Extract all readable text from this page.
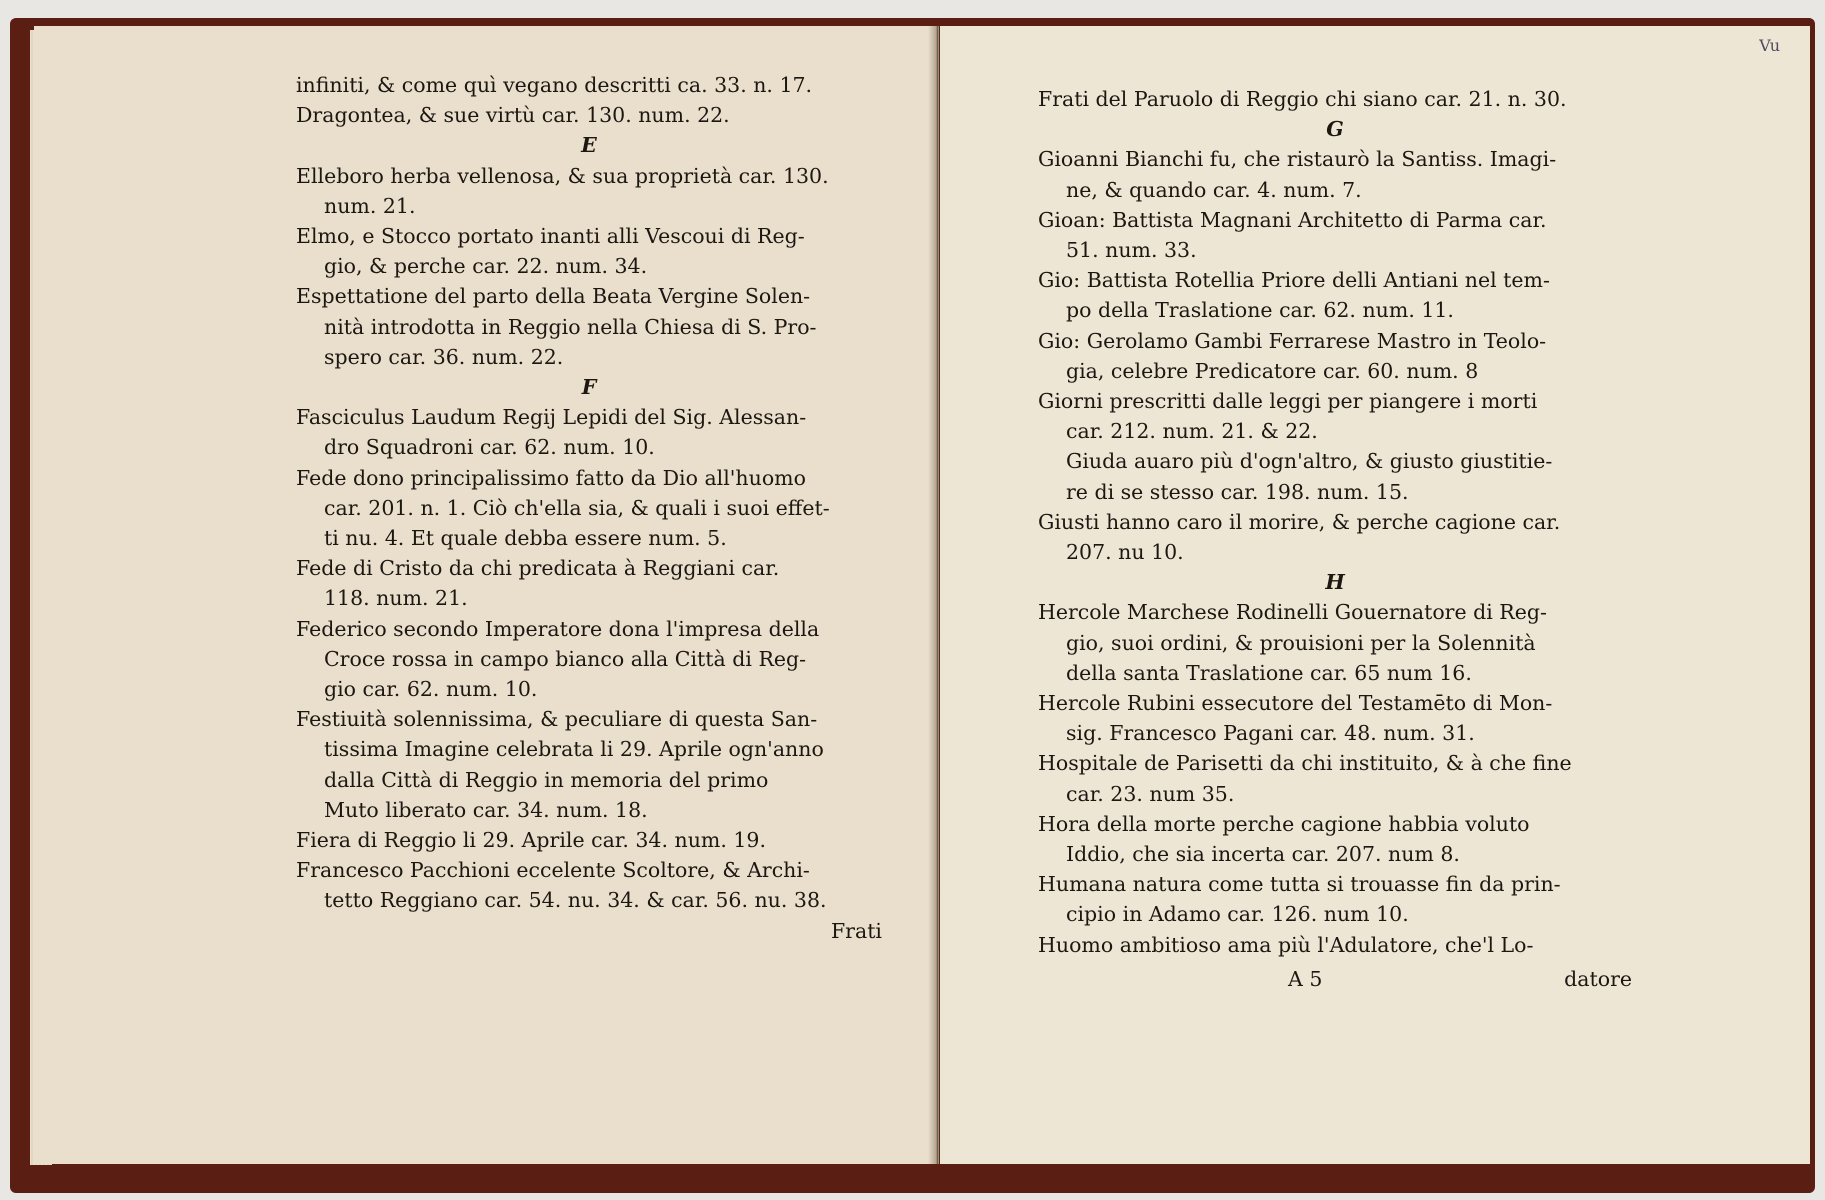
infiniti, & come quì vegano descritti ca. 33. n. 17.

Dragontea, & sue virtù car. 130. num. 22.

E

Elleboro herba vellenosa, & sua proprietà car. 130.

num. 21.

Elmo, e Stocco portato inanti alli Vescoui di Reg-

gio, & perche car. 22. num. 34.

Espettatione del parto della Beata Vergine Solen-

nità introdotta in Reggio nella Chiesa di S. Pro-

spero car. 36. num. 22.

F

Fasciculus Laudum Regij Lepidi del Sig. Alessan-

dro Squadroni car. 62. num. 10.

Fede dono principalissimo fatto da Dio all'huomo

car. 201. n. 1. Ciò ch'ella sia, & quali i suoi effet-

ti nu. 4. Et quale debba essere num. 5.

Fede di Cristo da chi predicata à Reggiani car.

118. num. 21.

Federico secondo Imperatore dona l'impresa della

Croce rossa in campo bianco alla Città di Reg-

gio car. 62. num. 10.

Festiuità solennissima, & peculiare di questa San-

tissima Imagine celebrata li 29. Aprile ogn'anno

dalla Città di Reggio in memoria del primo

Muto liberato car. 34. num. 18.

Fiera di Reggio li 29. Aprile car. 34. num. 19.

Francesco Pacchioni eccelente Scoltore, & Archi-

tetto Reggiano car. 54. nu. 34. & car. 56. nu. 38.

Frati

Vu

Frati del Paruolo di Reggio chi siano car. 21. n. 30.

G

Gioanni Bianchi fu, che ristaurò la Santiss. Imagi-

ne, & quando car. 4. num. 7.

Gioan: Battista Magnani Architetto di Parma car.

51. num. 33.

Gio: Battista Rotellia Priore delli Antiani nel tem-

po della Traslatione car. 62. num. 11.

Gio: Gerolamo Gambi Ferrarese Mastro in Teolo-

gia, celebre Predicatore car. 60. num. 8

Giorni prescritti dalle leggi per piangere i morti

car. 212. num. 21. & 22.

Giuda auaro più d'ogn'altro, & giusto giustitie-

re di se stesso car. 198. num. 15.

Giusti hanno caro il morire, & perche cagione car.

207. nu 10.

H

Hercole Marchese Rodinelli Gouernatore di Reg-

gio, suoi ordini, & prouisioni per la Solennità

della santa Traslatione car. 65 num 16.

Hercole Rubini essecutore del Testamēto di Mon-

sig. Francesco Pagani car. 48. num. 31.

Hospitale de Parisetti da chi instituito, & à che fine

car. 23. num 35.

Hora della morte perche cagione habbia voluto

Iddio, che sia incerta car. 207. num 8.

Humana natura come tutta si trouasse fin da prin-

cipio in Adamo car. 126. num 10.

Huomo ambitioso ama più l'Adulatore, che'l Lo-

A 5	datore
